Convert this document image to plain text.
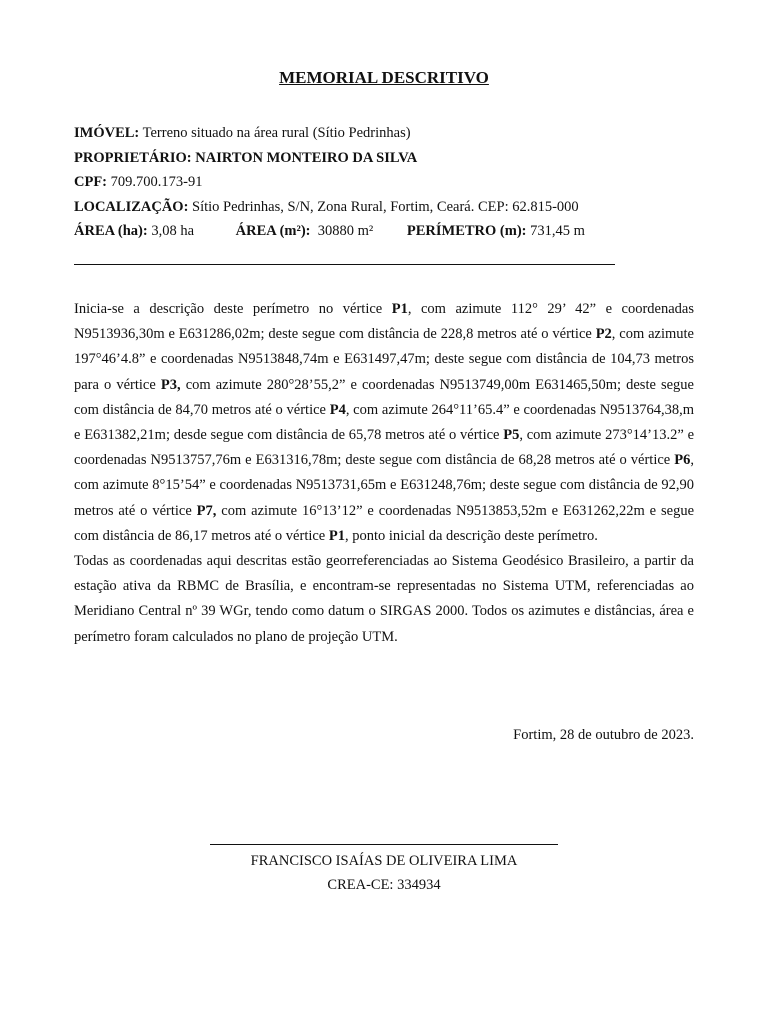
MEMORIAL DESCRITIVO
IMÓVEL: Terreno situado na área rural (Sítio Pedrinhas)
PROPRIETÁRIO: NAIRTON MONTEIRO DA SILVA
CPF: 709.700.173-91
LOCALIZAÇÃO: Sítio Pedrinhas, S/N, Zona Rural, Fortim, Ceará. CEP: 62.815-000
ÁREA (ha): 3,08 ha	ÁREA (m²): 30880 m² PERÍMETRO (m): 731,45 m

Inicia-se a descrição deste perímetro no vértice P1, com azimute 112° 29’ 42” e coordenadas N9513936,30m e E631286,02m; deste segue com distância de 228,8 metros até o vértice P2, com azimute 197°46’4.8” e coordenadas N9513848,74m e E631497,47m; deste segue com distância de 104,73 metros para o vértice P3, com azimute 280°28’55,2” e coordenadas N9513749,00m E631465,50m; deste segue com distância de 84,70 metros até o vértice P4, com azimute 264°11’65.4” e coordenadas N9513764,38,m e E631382,21m; desde segue com distância de 65,78 metros até o vértice P5, com azimute 273°14’13.2” e coordenadas N9513757,76m e E631316,78m; deste segue com distância de 68,28 metros até o vértice P6, com azimute 8°15’54” e coordenadas N9513731,65m e E631248,76m; deste segue com distância de 92,90 metros até o vértice P7, com azimute 16°13’12” e coordenadas N9513853,52m e E631262,22m e segue com distância de 86,17 metros até o vértice P1, ponto inicial da descrição deste perímetro.

Todas as coordenadas aqui descritas estão georreferenciadas ao Sistema Geodésico Brasileiro, a partir da estação ativa da RBMC de Brasília, e encontram-se representadas no Sistema UTM, referenciadas ao Meridiano Central nº 39 WGr, tendo como datum o SIRGAS 2000. Todos os azimutes e distâncias, área e perímetro foram calculados no plano de projeção UTM.

Fortim, 28 de outubro de 2023.
FRANCISCO ISAÍAS DE OLIVEIRA LIMA
CREA-CE: 334934
